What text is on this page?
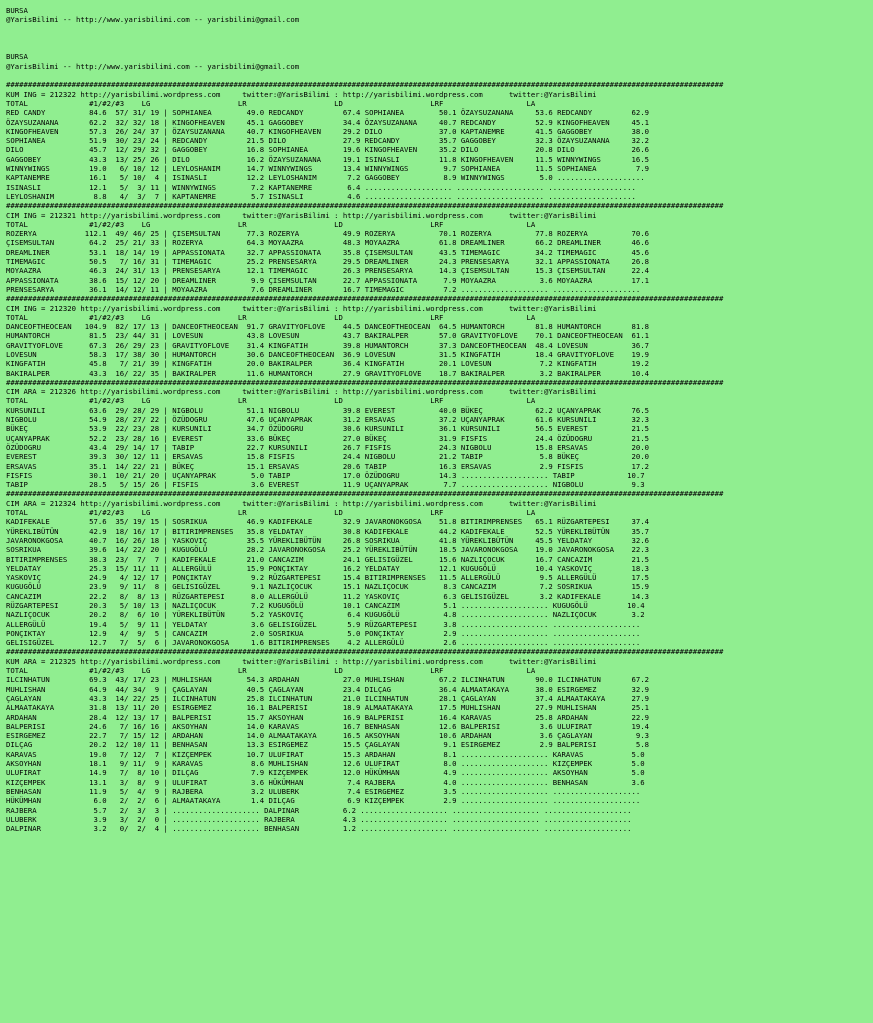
BURSA
@YarisBilimi -- http://www.yarisbilimi.com -- yarisbilimi@gmail.com
BURSA
@YarisBilimi -- http://www.yarisbilimi.com -- yarisbilimi@gmail.com
####################################################################################################################################################################
KUM ING = 212322 http://yarisbilimi.wordpress.com     twitter:@YarisBilimi : http://yarisbilimi.wordpress.com      twitter:@YarisBilimi
TOTAL              #1/#2/#3    LG                    LR                    LD                    LRF                   LA
RED CANDY          84.6  57/ 31/ 19 | SOPHIANEA        49.0 REDCANDY         67.4 SOPHIANEA        50.1 ÖZAYSUZANANA     53.6 REDCANDY         62.9
ÖZAYSUZANANA       62.2  32/ 32/ 18 | KINGOFHEAVEN     45.1 GAGGOBEY         34.4 ÖZAYSUZANANA     40.7 REDCANDY         52.9 KINGOFHEAVEN     45.1
KINGOFHEAVEN       57.3  26/ 24/ 37 | ÖZAYSUZANANA     40.7 KINGOFHEAVEN     29.2 DILO             37.0 KAPTANEMRE       41.5 GAGGOBEY         38.0
SOPHIANEA          51.9  30/ 23/ 24 | REDCANDY         21.5 DILO             27.9 REDCANDY         35.7 GAGGOBEY         32.3 ÖZAYSUZANANA     32.2
DILO               45.7  12/ 29/ 32 | GAGGOBEY         16.8 SOPHIANEA        19.6 KINGOFHEAVEN     35.2 DILO             20.8 DILO             26.6
GAGGOBEY           43.3  13/ 25/ 26 | DILO             16.2 ÖZAYSUZANANA     19.1 ISINASLI         11.8 KINGOFHEAVEN     11.5 WINNYWINGS       16.5
WINNYWINGS         19.0   6/ 10/ 12 | LEYLOSHANIM      14.7 WINNYWINGS       13.4 WINNYWINGS        9.7 SOPHIANEA        11.5 SOPHIANEA         7.9
KAPTANEMRE         16.1   5/ 10/  4 | ISINASLI         12.2 LEYLOSHANIM       7.2 GAGGOBEY          8.9 WINNYWINGS        5.0 ....................
ISINASLI           12.1   5/  3/ 11 | WINNYWINGS        7.2 KAPTANEMRE        6.4 .................... .................... ....................
LEYLOSHANIM         8.8   4/  3/  7 | KAPTANEMRE        5.7 ISINASLI          4.6 .................... .................... ....................
####################################################################################################################################################################
CIM ING = 212321 http://yarisbilimi.wordpress.com     twitter:@YarisBilimi : http://yarisbilimi.wordpress.com      twitter:@YarisBilimi
TOTAL              #1/#2/#3    LG                    LR                    LD                    LRF                   LA
ROZERYA           112.1  49/ 46/ 25 | ÇISEMSULTAN      77.3 ROZERYA          49.9 ROZERYA          70.1 ROZERYA          77.8 ROZERYA          70.6
ÇISEMSULTAN        64.2  25/ 21/ 33 | ROZERYA          64.3 MOYAAZRA         48.3 MOYAAZRA         61.8 DREAMLINER       66.2 DREAMLINER       46.6
DREAMLINER         53.1  18/ 14/ 19 | APPASSIONATA     32.7 APPASSIONATA     35.8 ÇISEMSULTAN      43.5 TIMEMAGIC        34.2 TIMEMAGIC        45.6
TIMEMAGIC          50.5   7/ 16/ 31 | TIMEMAGIC        25.2 PRENSESARYA      29.5 DREAMLINER       24.3 PRENSESARYA      32.1 APPASSIONATA     26.8
MOYAAZRA           46.3  24/ 31/ 13 | PRENSESARYA      12.1 TIMEMAGIC        26.3 PRENSESARYA      14.3 ÇISEMSULTAN      15.3 ÇISEMSULTAN      22.4
APPASSIONATA       38.6  15/ 12/ 20 | DREAMLINER        9.9 ÇISEMSULTAN      22.7 APPASSIONATA      7.9 MOYAAZRA          3.6 MOYAAZRA         17.1
PRENSESARYA        36.1  14/ 12/ 11 | MOYAAZRA          7.6 DREAMLINER       16.7 TIMEMAGIC         7.2 .................... ....................
####################################################################################################################################################################
CIM ING = 212320 http://yarisbilimi.wordpress.com     twitter:@YarisBilimi : http://yarisbilimi.wordpress.com      twitter:@YarisBilimi
TOTAL              #1/#2/#3    LG                    LR                    LD                    LRF                   LA
DANCEOFTHEOCEAN   104.9  82/ 17/ 13 | DANCEOFTHEOCEAN  91.7 GRAVITYOFLOVE    44.5 DANCEOFTHEOCEAN  64.5 HUMANTORCH       81.8 HUMANTORCH       81.8
HUMANTORCH         81.5  23/ 44/ 31 | LOVESUN          43.8 LOVESUN          43.7 BAKIRALPER       57.0 GRAVITYOFLOVE    70.1 DANCEOFTHEOCEAN  61.1
GRAVITYOFLOVE      67.3  26/ 29/ 23 | GRAVITYOFLOVE    31.4 KINGFATIH        39.8 HUMANTORCH       37.3 DANCEOFTHEOCEAN  48.4 LOVESUN          36.7
LOVESUN            58.3  17/ 38/ 30 | HUMANTORCH       30.6 DANCEOFTHEOCEAN  36.9 LOVESUN          31.5 KINGFATIH        18.4 GRAVITYOFLOVE    19.9
KINGFATIH          45.8   7/ 21/ 39 | KINGFATIH        20.0 BAKIRALPER       36.4 KINGFATIH        20.1 LOVESUN           7.2 KINGFATIH        19.2
BAKIRALPER         43.3  16/ 22/ 35 | BAKIRALPER       11.6 HUMANTORCH       27.9 GRAVITYOFLOVE    18.7 BAKIRALPER        3.2 BAKIRALPER       10.4
####################################################################################################################################################################
CIM ARA = 212326 http://yarisbilimi.wordpress.com     twitter:@YarisBilimi : http://yarisbilimi.wordpress.com      twitter:@YarisBilimi
TOTAL              #1/#2/#3    LG                    LR                    LD                    LRF                   LA
KURSUNILI          63.6  29/ 28/ 29 | NIGBOLU          51.1 NIGBOLU          39.8 EVEREST          40.0 BÜKEÇ            62.2 UÇANYAPRAK       76.5
NIGBOLU            54.9  28/ 27/ 22 | ÖZÜDOGRU         47.6 UÇANYAPRAK       31.2 ERSAVAS          37.2 UÇANYAPRAK       61.6 KURSUNILI        32.3
BÜKEÇ              53.9  22/ 23/ 28 | KURSUNILI        34.7 ÖZÜDOGRU         30.6 KURSUNILI        36.1 KURSUNILI        56.5 EVEREST          21.5
UÇANYAPRAK         52.2  23/ 28/ 16 | EVEREST          33.6 BÜKEÇ            27.0 BÜKEÇ            31.9 FISFIS           24.4 ÖZÜDOGRU         21.5
ÖZÜDOGRU           43.4  29/ 14/ 17 | TABIP            22.7 KURSUNILI        26.7 FISFIS           24.3 NIGBOLU          15.8 ERSAVAS          20.0
EVEREST            39.3  30/ 12/ 11 | ERSAVAS          15.8 FISFIS           24.4 NIGBOLU          21.2 TABIP             5.8 BÜKEÇ            20.0
ERSAVAS            35.1  14/ 22/ 21 | BÜKEÇ            15.1 ERSAVAS          20.6 TABIP            16.3 ERSAVAS           2.9 FISFIS           17.2
FISFIS             30.1  10/ 21/ 20 | UÇANYAPRAK        5.0 TABIP            17.0 ÖZÜDOGRU         14.3 .................... TABIP            10.7
TABIP              28.5   5/ 15/ 26 | FISFIS            3.6 EVEREST          11.9 UÇANYAPRAK        7.7 .................... NIGBOLU           9.3
####################################################################################################################################################################
CIM ARA = 212324 http://yarisbilimi.wordpress.com     twitter:@YarisBilimi : http://yarisbilimi.wordpress.com      twitter:@YarisBilimi
TOTAL              #1/#2/#3    LG                    LR                    LD                    LRF                   LA
KADIFEKALE         57.6  35/ 19/ 15 | SOSRIKUA         46.9 KADIFEKALE       32.9 JAVARONOKGOSA    51.8 BITIRIMPRENSES   65.1 RÜZGARTEPESI     37.4
YÜREKLIBÜTÜN       42.9  18/ 16/ 17 | BITIRIMPRENSES   35.8 YELDATAY         30.8 KADIFEKALE       44.2 KADIFEKALE       52.5 YÜREKLIBÜTÜN     35.7
JAVARONOKGOSA      40.7  16/ 26/ 18 | YASKOVIÇ         35.5 YÜREKLIBÜTÜN     26.8 SOSRIKUA         41.8 YÜREKLIBÜTÜN     45.5 YELDATAY         32.6
SOSRIKUA           39.6  14/ 22/ 20 | KUGUGÖLÜ         28.2 JAVARONOKGOSA    25.2 YÜREKLIBÜTÜN     18.5 JAVARONOKGOSA    19.0 JAVARONOKGOSA    22.3
BITIRIMPRENSES     38.3  23/  7/  7 | KADIFEKALE       21.0 CANCAZIM         24.1 GELISIGÜZEL      15.6 NAZLIÇOCUK       16.7 CANCAZIM         21.5
YELDATAY           25.3  15/ 11/ 11 | ALLERGÜLÜ        15.9 PONÇIKTAY        16.2 YELDATAY         12.1 KUGUGÖLÜ         10.4 YASKOVIÇ         18.3
YASKOVIÇ           24.9   4/ 12/ 17 | PONÇIKTAY         9.2 RÜZGARTEPESI     15.4 BITIRIMPRENSES   11.5 ALLERGÜLÜ         9.5 ALLERGÜLÜ        17.5
KUGUGÖLÜ           23.9   9/ 11/  8 | GELISIGÜZEL       9.1 NAZLIÇOCUK       15.1 NAZLIÇOCUK        8.3 CANCAZIM          7.2 SOSRIKUA         15.9
CANCAZIM           22.2   8/  8/ 13 | RÜZGARTEPESI      8.0 ALLERGÜLÜ        11.2 YASKOVIÇ          6.3 GELISIGÜZEL       3.2 KADIFEKALE       14.3
RÜZGARTEPESI       20.3   5/ 10/ 13 | NAZLIÇOCUK        7.2 KUGUGÖLÜ         10.1 CANCAZIM          5.1 .................... KUGUGÖLÜ         10.4
NAZLIÇOCUK         20.2   8/  6/ 10 | YÜREKLIBÜTÜN      5.2 YASKOVIÇ          6.4 KUGUGÖLÜ          4.8 .................... NAZLIÇOCUK        3.2
ALLERGÜLÜ          19.4   5/  9/ 11 | YELDATAY          3.6 GELISIGÜZEL       5.9 RÜZGARTEPESI      3.8 .................... ....................
PONÇIKTAY          12.9   4/  9/  5 | CANCAZIM          2.0 SOSRIKUA          5.0 PONÇIKTAY         2.9 .................... ....................
GELISIGÜZEL        12.7   7/  5/  6 | JAVARONOKGOSA     1.6 BITIRIMPRENSES    4.2 ALLERGÜLÜ         2.6 .................... ....................
####################################################################################################################################################################
KUM ARA = 212325 http://yarisbilimi.wordpress.com     twitter:@YarisBilimi : http://yarisbilimi.wordpress.com      twitter:@YarisBilimi
TOTAL              #1/#2/#3    LG                    LR                    LD                    LRF                   LA
ILCINHATUN         69.3  43/ 17/ 23 | MUHLISHAN        54.3 ARDAHAN          27.0 MUHLISHAN        67.2 ILCINHATUN       90.0 ILCINHATUN       67.2
MUHLISHAN          64.9  44/ 34/  9 | ÇAGLAYAN         40.5 ÇAGLAYAN         23.4 DILÇAG           36.4 ALMAATAKAYA      38.0 ESIRGEMEZ        32.9
ÇAGLAYAN           43.3  14/ 22/ 25 | ILCINHATUN       25.8 ILCINHATUN       21.0 ILCINHATUN       28.1 ÇAGLAYAN         37.4 ALMAATAKAYA      27.9
ALMAATAKAYA        31.8  13/ 11/ 20 | ESIRGEMEZ        16.1 BALPERISI        18.9 ALMAATAKAYA      17.5 MUHLISHAN        27.9 MUHLISHAN        25.1
ARDAHAN            28.4  12/ 13/ 17 | BALPERISI        15.7 AKSOYHAN         16.9 BALPERISI        16.4 KARAVAS          25.8 ARDAHAN          22.9
BALPERISI          24.6   7/ 16/ 16 | AKSOYHAN         14.0 KARAVAS          16.7 BENHASAN         12.6 BALPERISI         3.6 ULUFIRAT         19.4
ESIRGEMEZ          22.7   7/ 15/ 12 | ARDAHAN          14.0 ALMAATAKAYA      16.5 AKSOYHAN         10.6 ARDAHAN           3.6 ÇAGLAYAN          9.3
DILÇAG             20.2  12/ 10/ 11 | BENHASAN         13.3 ESIRGEMEZ        15.5 ÇAGLAYAN          9.1 ESIRGEMEZ         2.9 BALPERISI         5.8
KARAVAS            19.0   7/ 12/  7 | KIZÇEMPEK        10.7 ULUFIRAT         15.3 ARDAHAN           8.1 .................... KARAVAS           5.0
AKSOYHAN           18.1   9/ 11/  9 | KARAVAS           8.6 MUHLISHAN        12.6 ULUFIRAT          8.0 .................... KIZÇEMPEK         5.0
ULUFIRAT           14.9   7/  8/ 10 | DILÇAG            7.9 KIZÇEMPEK        12.0 HÜKÜMHAN          4.9 .................... AKSOYHAN          5.0
KIZÇEMPEK          13.1   3/  8/  9 | ULUFIRAT          3.6 HÜKÜMHAN          7.4 RAJBERA           4.0 .................... BENHASAN          3.6
BENHASAN           11.9   5/  4/  9 | RAJBERA           3.2 ULUBERK           7.4 ESIRGEMEZ         3.5 .................... ....................
HÜKÜMHAN            6.0   2/  2/  6 | ALMAATAKAYA       1.4 DILÇAG            6.9 KIZÇEMPEK         2.9 .................... ....................
RAJBERA             5.7   2/  3/  3 | .................... DALPINAR          6.2 .................... .................... ....................
ULUBERK             3.9   3/  2/  0 | .................... RAJBERA           4.3 .................... .................... ....................
DALPINAR            3.2   0/  2/  4 | .................... BENHASAN          1.2 .................... .................... ....................
